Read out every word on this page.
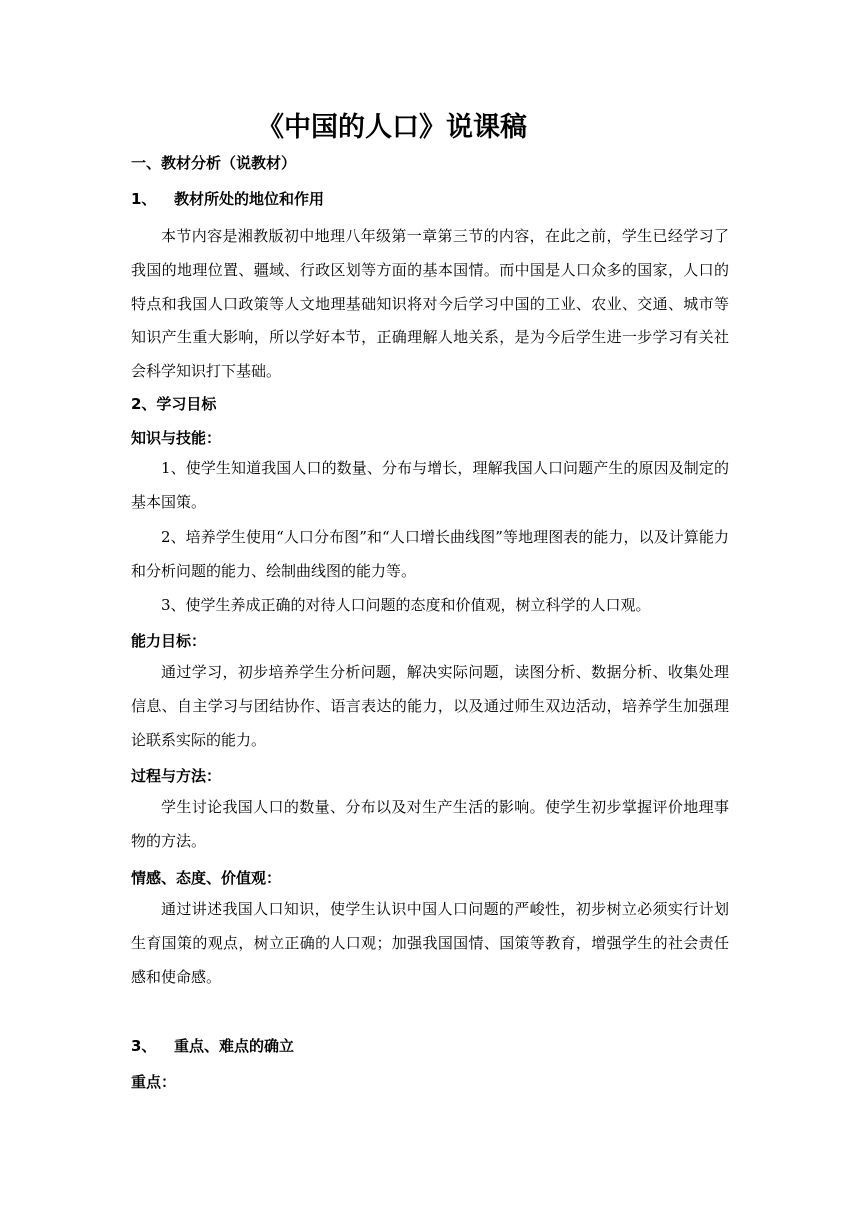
《中国的人口》说课稿
一、教材分析（说教材）
1、 教材所处的地位和作用
本节内容是湘教版初中地理八年级第一章第三节的内容，在此之前，学生已经学习了我国的地理位置、疆域、行政区划等方面的基本国情。而中国是人口众多的国家，人口的特点和我国人口政策等人文地理基础知识将对今后学习中国的工业、农业、交通、城市等知识产生重大影响，所以学好本节，正确理解人地关系，是为今后学生进一步学习有关社会科学知识打下基础。
2、学习目标
知识与技能：
1、使学生知道我国人口的数量、分布与增长，理解我国人口问题产生的原因及制定的基本国策。
2、培养学生使用“人口分布图”和“人口增长曲线图”等地理图表的能力，以及计算能力和分析问题的能力、绘制曲线图的能力等。
3、使学生养成正确的对待人口问题的态度和价值观，树立科学的人口观。
能力目标：
通过学习，初步培养学生分析问题，解决实际问题，读图分析、数据分析、收集处理信息、自主学习与团结协作、语言表达的能力，以及通过师生双边活动，培养学生加强理论联系实际的能力。
过程与方法：
学生讨论我国人口的数量、分布以及对生产生活的影响。使学生初步掌握评价地理事物的方法。
情感、态度、价值观：
通过讲述我国人口知识，使学生认识中国人口问题的严峻性，初步树立必须实行计划生育国策的观点，树立正确的人口观；加强我国国情、国策等教育，增强学生的社会责任感和使命感。
3、 重点、难点的确立
重点：
